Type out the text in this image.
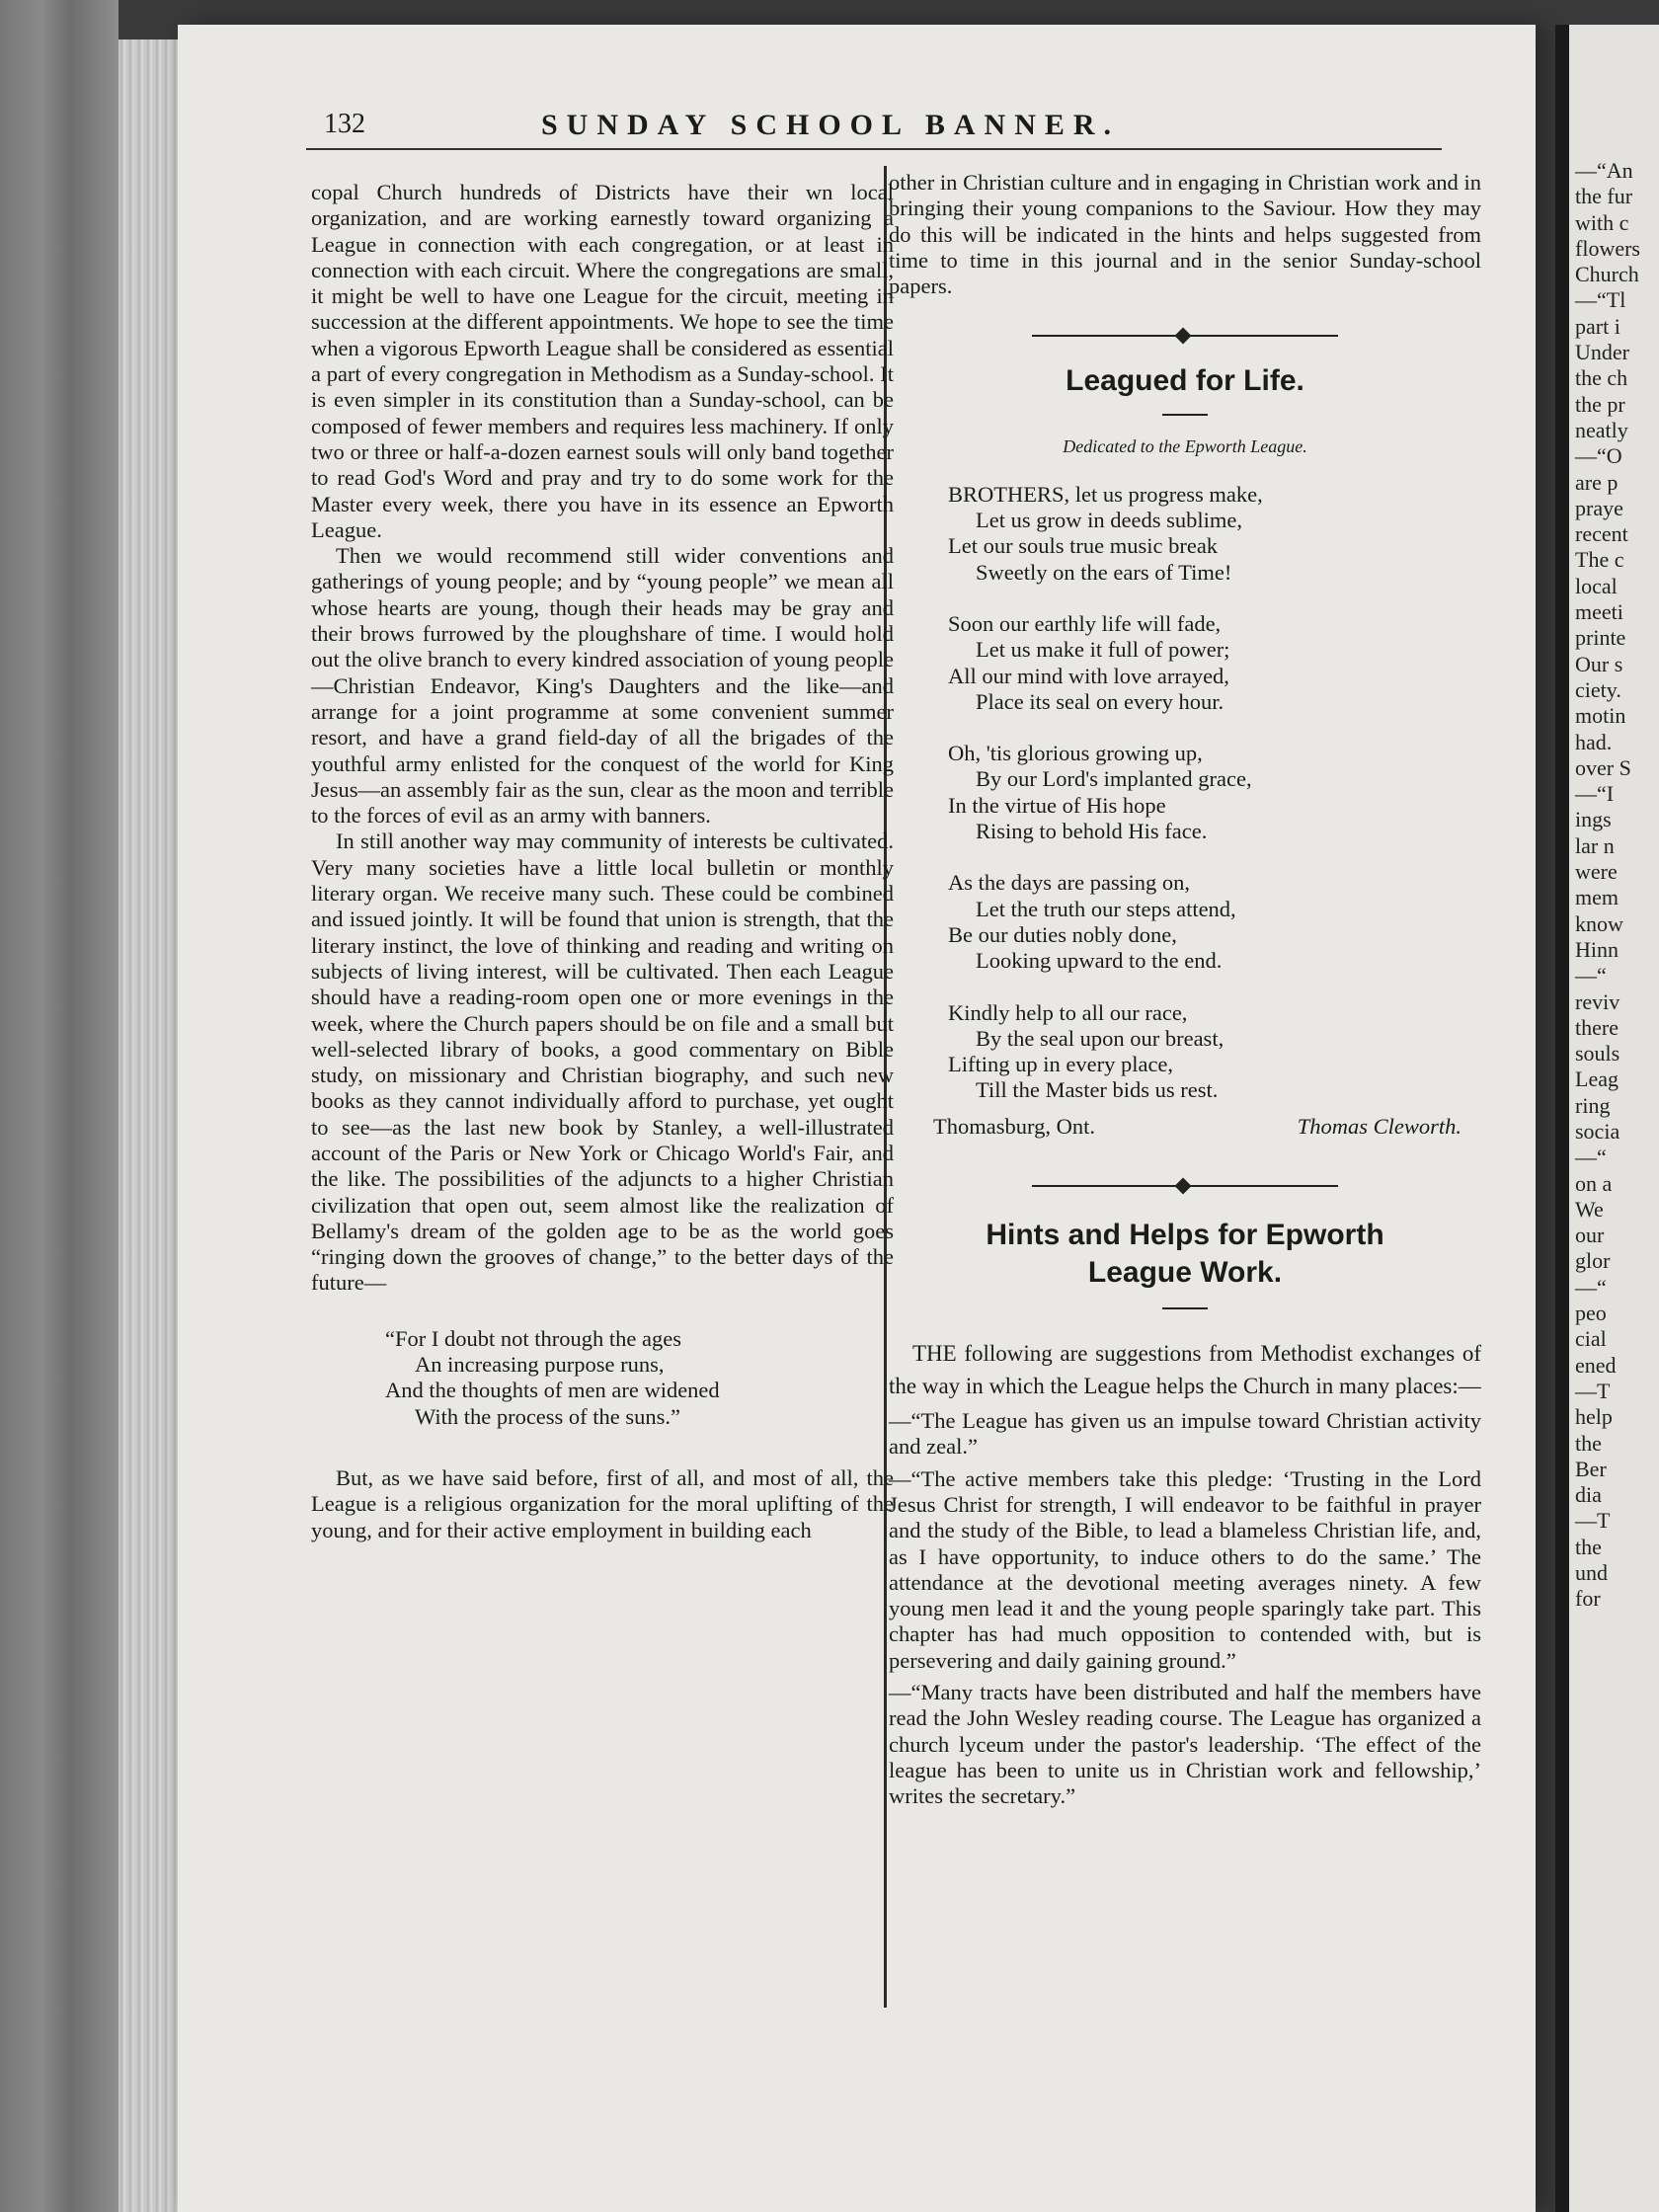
—“An
the fur
with c
flowers
Church
—“Tl
part i
Under
the ch
the pr
neatly
—“O
are p
praye
recent
The c
local
meeti
printe
Our s
ciety.
motin
had.
over S
—“I
ings
lar n
were
mem
know
Hinn
—“
reviv
there
souls
Leag
ring
socia
—“
on a
We
our
glor
—“
peo
cial
ened
—T
help
the
Ber
dia
—T
the
und
for
132	SUNDAY SCHOOL BANNER.

copal Church hundreds of Districts have their wn local organization, and are working earnestly toward organizing a League in connection with each congregation, or at least in connection with each circuit. Where the congregations are small, it might be well to have one League for the circuit, meeting in succession at the different appointments. We hope to see the time when a vigorous Epworth League shall be considered as essential a part of every congregation in Methodism as a Sunday-school. It is even simpler in its constitution than a Sunday-school, can be composed of fewer members and requires less machinery. If only two or three or half-a-dozen earnest souls will only band together to read God's Word and pray and try to do some work for the Master every week, there you have in its essence an Epworth League.

Then we would recommend still wider conventions and gatherings of young people; and by “young people” we mean all whose hearts are young, though their heads may be gray and their brows furrowed by the ploughshare of time. I would hold out the olive branch to every kindred association of young people—Christian Endeavor, King's Daughters and the like—and arrange for a joint programme at some convenient summer resort, and have a grand field-day of all the brigades of the youthful army enlisted for the conquest of the world for King Jesus—an assembly fair as the sun, clear as the moon and terrible to the forces of evil as an army with banners.

In still another way may community of interests be cultivated. Very many societies have a little local bulletin or monthly literary organ. We receive many such. These could be combined and issued jointly. It will be found that union is strength, that the literary instinct, the love of thinking and reading and writing on subjects of living interest, will be cultivated. Then each League should have a reading-room open one or more evenings in the week, where the Church papers should be on file and a small but well-selected library of books, a good commentary on Bible study, on missionary and Christian biography, and such new books as they cannot individually afford to purchase, yet ought to see—as the last new book by Stanley, a well-illustrated account of the Paris or New York or Chicago World's Fair, and the like. The possibilities of the adjuncts to a higher Christian civilization that open out, seem almost like the realization of Bellamy's dream of the golden age to be as the world goes “ringing down the grooves of change,” to the better days of the future—

“For I doubt not through the ages
An increasing purpose runs,
And the thoughts of men are widened
With the process of the suns.”

But, as we have said before, first of all, and most of all, the League is a religious organization for the moral uplifting of the young, and for their active employment in building each

other in Christian culture and in engaging in Christian work and in bringing their young companions to the Saviour. How they may do this will be indicated in the hints and helps suggested from time to time in this journal and in the senior Sunday-school papers.

Leagued for Life.
Dedicated to the Epworth League.
BROTHERS, let us progress make,
Let us grow in deeds sublime,
Let our souls true music break
Sweetly on the ears of Time!
Soon our earthly life will fade,
Let us make it full of power;
All our mind with love arrayed,
Place its seal on every hour.
Oh, 'tis glorious growing up,
By our Lord's implanted grace,
In the virtue of His hope
Rising to behold His face.
As the days are passing on,
Let the truth our steps attend,
Be our duties nobly done,
Looking upward to the end.
Kindly help to all our race,
By the seal upon our breast,
Lifting up in every place,
Till the Master bids us rest.
Thomasburg, Ont.	Thomas Cleworth.
Hints and Helps for Epworth
League Work.

THE following are suggestions from Methodist exchanges of the way in which the League helps the Church in many places:—

—“The League has given us an impulse toward Christian activity and zeal.”

—“The active members take this pledge: ‘Trusting in the Lord Jesus Christ for strength, I will endeavor to be faithful in prayer and the study of the Bible, to lead a blameless Christian life, and, as I have opportunity, to induce others to do the same.’ The attendance at the devotional meeting averages ninety. A few young men lead it and the young people sparingly take part. This chapter has had much opposition to contended with, but is persevering and daily gaining ground.”

—“Many tracts have been distributed and half the members have read the John Wesley reading course. The League has organized a church lyceum under the pastor's leadership. ‘The effect of the league has been to unite us in Christian work and fellowship,’ writes the secretary.”
